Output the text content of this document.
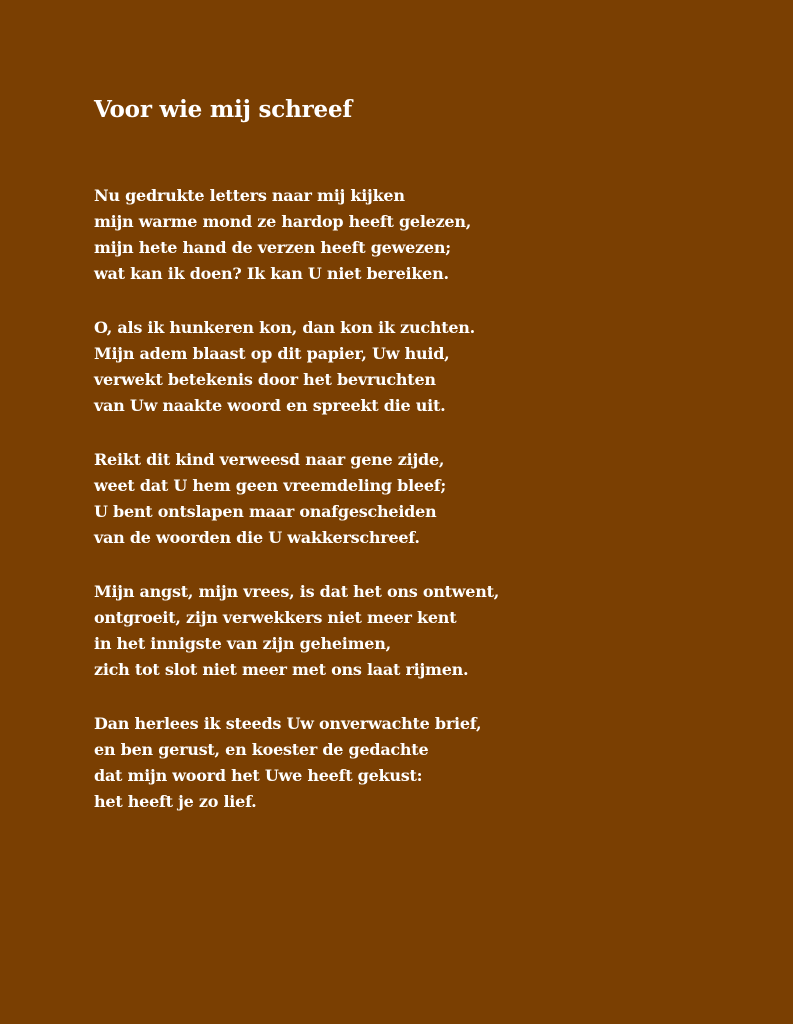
Voor wie mij schreef
Nu gedrukte letters naar mij kijken
mijn warme mond ze hardop heeft gelezen,
mijn hete hand de verzen heeft gewezen;
wat kan ik doen? Ik kan U niet bereiken.
O, als ik hunkeren kon, dan kon ik zuchten.
Mijn adem blaast op dit papier, Uw huid,
verwekt betekenis door het bevruchten
van Uw naakte woord en spreekt die uit.
Reikt dit kind verweesd naar gene zijde,
weet dat U hem geen vreemdeling bleef;
U bent ontslapen maar onafgescheiden
van de woorden die U wakkerschreef.
Mijn angst, mijn vrees, is dat het ons ontwent,
ontgroeit, zijn verwekkers niet meer kent
in het innigste van zijn geheimen,
zich tot slot niet meer met ons laat rijmen.
Dan herlees ik steeds Uw onverwachte brief,
en ben gerust, en koester de gedachte
dat mijn woord het Uwe heeft gekust:
het heeft je zo lief.
